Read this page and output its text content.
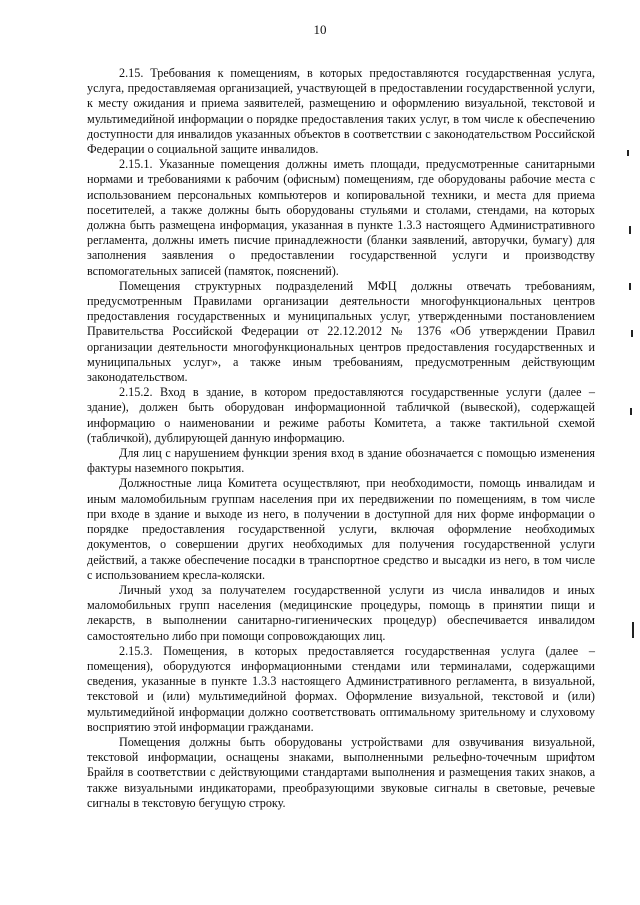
10

2.15. Требования к помещениям, в которых предоставляются государственная услуга, услуга, предоставляемая организацией, участвующей в предоставлении государственной услуги, к месту ожидания и приема заявителей, размещению и оформлению визуальной, текстовой и мультимедийной информации о порядке предоставления таких услуг, в том числе к обеспечению доступности для инвалидов указанных объектов в соответствии с законодательством Российской Федерации о социальной защите инвалидов.

2.15.1. Указанные помещения должны иметь площади, предусмотренные санитарными нормами и требованиями к рабочим (офисным) помещениям, где оборудованы рабочие места с использованием персональных компьютеров и копировальной техники, и места для приема посетителей, а также должны быть оборудованы стульями и столами, стендами, на которых должна быть размещена информация, указанная в пункте 1.3.3 настоящего Административного регламента, должны иметь писчие принадлежности (бланки заявлений, авторучки, бумагу) для заполнения заявления о предоставлении государственной услуги и производству вспомогательных записей (памяток, пояснений).

Помещения структурных подразделений МФЦ должны отвечать требованиям, предусмотренным Правилами организации деятельности многофункциональных центров предоставления государственных и муниципальных услуг, утвержденными постановлением Правительства Российской Федерации от 22.12.2012 № 1376 «Об утверждении Правил организации деятельности многофункциональных центров предоставления государственных и муниципальных услуг», а также иным требованиям, предусмотренным действующим законодательством.

2.15.2. Вход в здание, в котором предоставляются государственные услуги (далее – здание), должен быть оборудован информационной табличкой (вывеской), содержащей информацию о наименовании и режиме работы Комитета, а также тактильной схемой (табличкой), дублирующей данную информацию.

Для лиц с нарушением функции зрения вход в здание обозначается с помощью изменения фактуры наземного покрытия.

Должностные лица Комитета осуществляют, при необходимости, помощь инвалидам и иным маломобильным группам населения при их передвижении по помещениям, в том числе при входе в здание и выходе из него, в получении в доступной для них форме информации о порядке предоставления государственной услуги, включая оформление необходимых документов, о совершении других необходимых для получения государственной услуги действий, а также обеспечение посадки в транспортное средство и высадки из него, в том числе с использованием кресла-коляски.

Личный уход за получателем государственной услуги из числа инвалидов и иных маломобильных групп населения (медицинские процедуры, помощь в принятии пищи и лекарств, в выполнении санитарно-гигиенических процедур) обеспечивается инвалидом самостоятельно либо при помощи сопровождающих лиц.

2.15.3. Помещения, в которых предоставляется государственная услуга (далее – помещения), оборудуются информационными стендами или терминалами, содержащими сведения, указанные в пункте 1.3.3 настоящего Административного регламента, в визуальной, текстовой и (или) мультимедийной формах. Оформление визуальной, текстовой и (или) мультимедийной информации должно соответствовать оптимальному зрительному и слуховому восприятию этой информации гражданами.

Помещения должны быть оборудованы устройствами для озвучивания визуальной, текстовой информации, оснащены знаками, выполненными рельефно-точечным шрифтом Брайля в соответствии с действующими стандартами выполнения и размещения таких знаков, а также визуальными индикаторами, преобразующими звуковые сигналы в световые, речевые сигналы в текстовую бегущую строку.
